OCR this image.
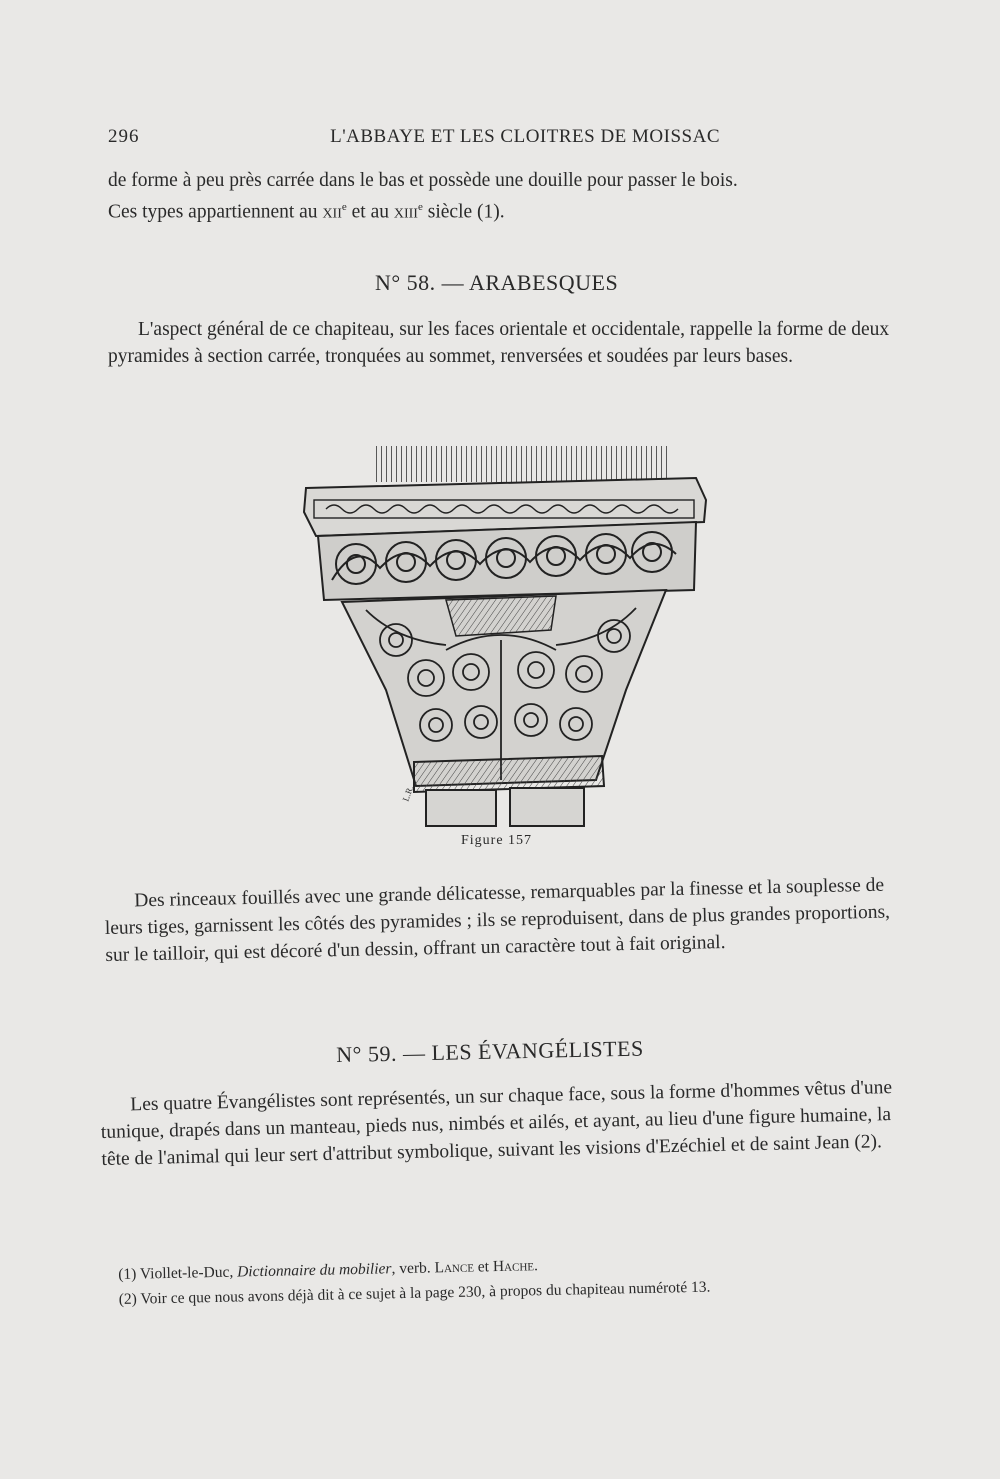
296	L'ABBAYE ET LES CLOITRES DE MOISSAC

de forme à peu près carrée dans le bas et possède une douille pour passer le bois.

Ces types appartiennent au xii$^e$ et au xiii$^e$ siècle (1).

N° 58. — ARABESQUES

L'aspect général de ce chapiteau, sur les faces orientale et occidentale, rappelle la forme de deux pyramides à section carrée, tronquées au sommet, renversées et soudées par leurs bases.

L.R.
Figure 157

Des rinceaux fouillés avec une grande délicatesse, remarquables par la finesse et la souplesse de leurs tiges, garnissent les côtés des pyramides ; ils se reproduisent, dans de plus grandes proportions, sur le tailloir, qui est décoré d'un dessin, offrant un caractère tout à fait original.

N° 59. — LES ÉVANGÉLISTES

Les quatre Évangélistes sont représentés, un sur chaque face, sous la forme d'hommes vêtus d'une tunique, drapés dans un manteau, pieds nus, nimbés et ailés, et ayant, au lieu d'une figure humaine, la tête de l'animal qui leur sert d'attribut symbolique, suivant les visions d'Ezéchiel et de saint Jean (2).

(1) Viollet-le-Duc, Dictionnaire du mobilier, verb. Lance et Hache.

(2) Voir ce que nous avons déjà dit à ce sujet à la page 230, à propos du chapiteau numéroté 13.
